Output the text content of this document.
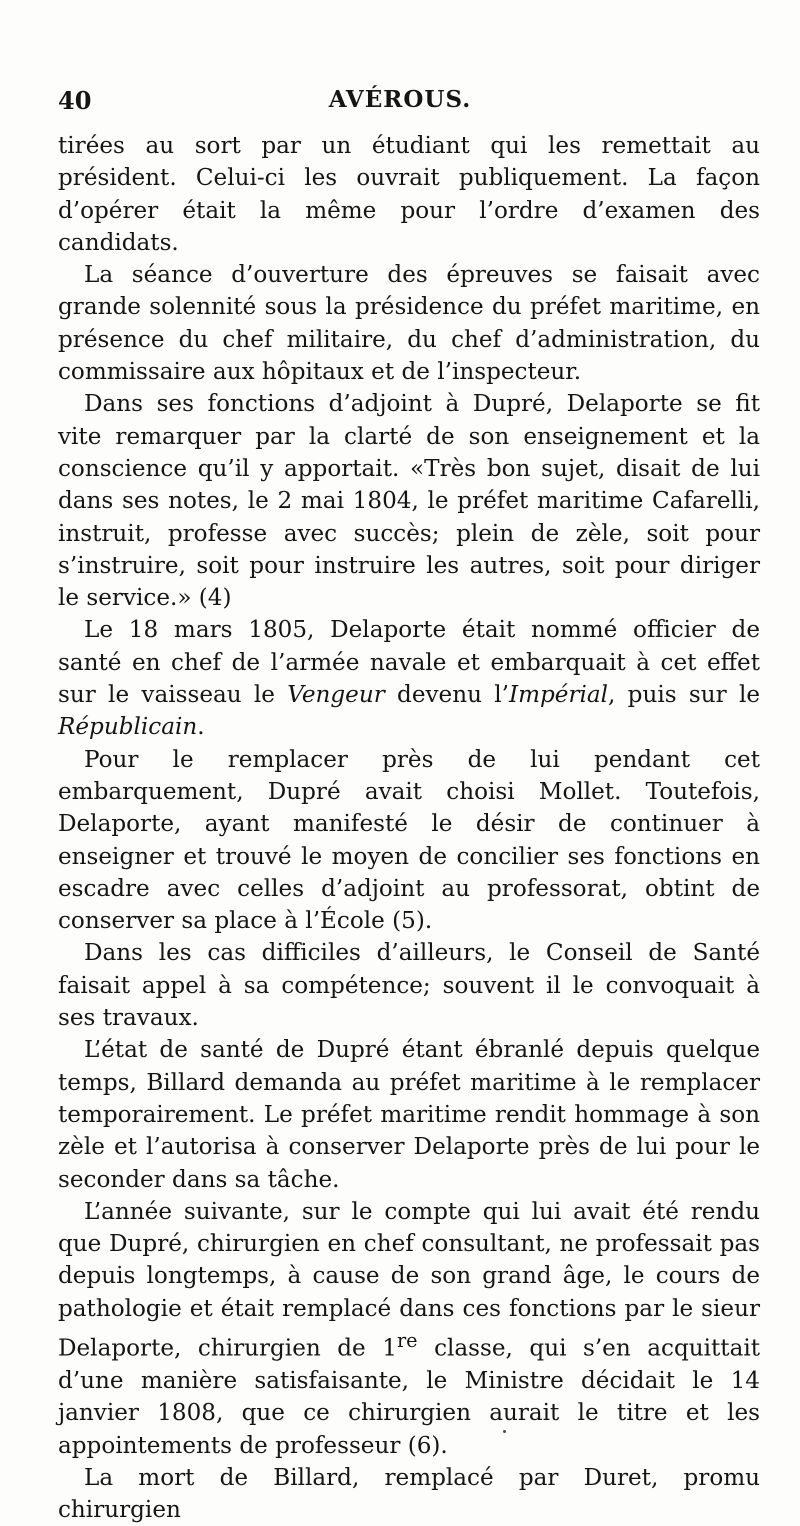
40	AVÉROUS.

tirées au sort par un étudiant qui les remettait au président. Celui-ci les ouvrait publiquement. La façon d’opérer était la même pour l’ordre d’examen des candidats.

La séance d’ouverture des épreuves se faisait avec grande solennité sous la présidence du préfet maritime, en présence du chef militaire, du chef d’administration, du commissaire aux hôpitaux et de l’inspecteur.

Dans ses fonctions d’adjoint à Dupré, Delaporte se fit vite remarquer par la clarté de son enseignement et la conscience qu’il y apportait. «Très bon sujet, disait de lui dans ses notes, le 2 mai 1804, le préfet maritime Cafarelli, instruit, professe avec succès; plein de zèle, soit pour s’instruire, soit pour instruire les autres, soit pour diriger le service.» (4)

Le 18 mars 1805, Delaporte était nommé officier de santé en chef de l’armée navale et embarquait à cet effet sur le vaisseau le Vengeur devenu l’Impérial, puis sur le Républicain.

Pour le remplacer près de lui pendant cet embarquement, Dupré avait choisi Mollet. Toutefois, Delaporte, ayant manifesté le désir de continuer à enseigner et trouvé le moyen de concilier ses fonctions en escadre avec celles d’adjoint au professorat, obtint de conserver sa place à l’École (5).

Dans les cas difficiles d’ailleurs, le Conseil de Santé faisait appel à sa compétence; souvent il le convoquait à ses travaux.

L’état de santé de Dupré étant ébranlé depuis quelque temps, Billard demanda au préfet maritime à le remplacer temporairement. Le préfet maritime rendit hommage à son zèle et l’autorisa à conserver Delaporte près de lui pour le seconder dans sa tâche.

L’année suivante, sur le compte qui lui avait été rendu que Dupré, chirurgien en chef consultant, ne professait pas depuis longtemps, à cause de son grand âge, le cours de pathologie et était remplacé dans ces fonctions par le sieur Delaporte, chirurgien de 1re classe, qui s’en acquittait d’une manière satisfaisante, le Ministre décidait le 14 janvier 1808, que ce chirurgien aurait le titre et les appointements de professeur (6).

La mort de Billard, remplacé par Duret, promu chirurgien
